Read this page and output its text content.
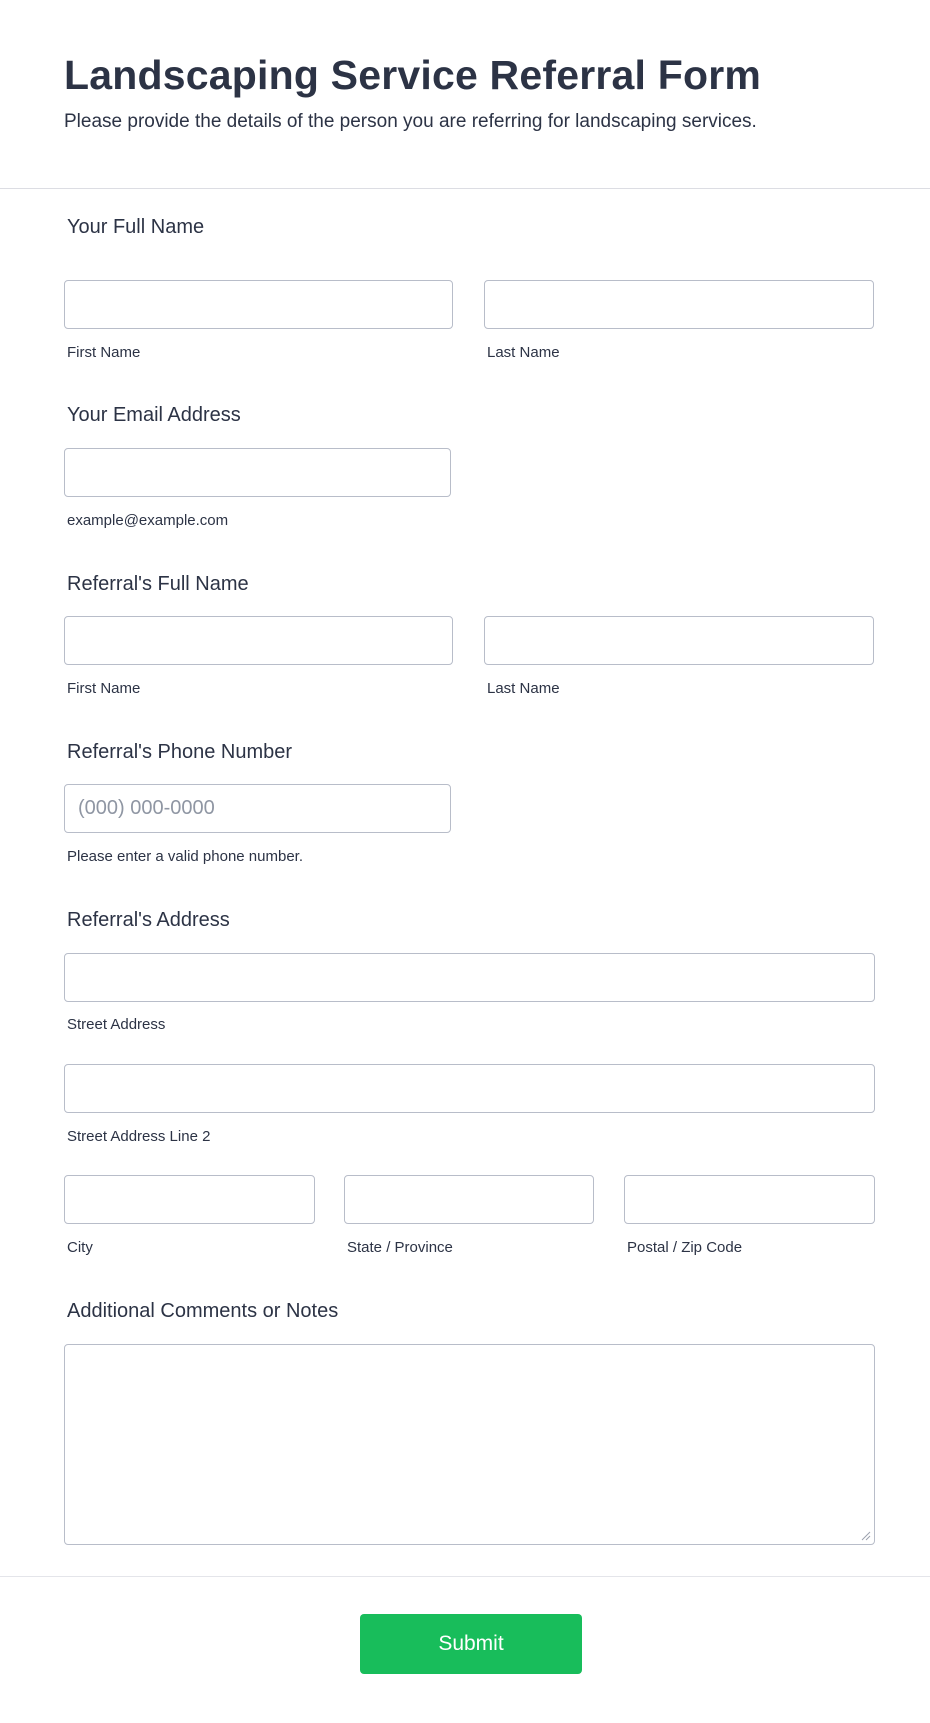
Landscaping Service Referral Form

Please provide the details of the person you are referring for landscaping services.

Your Full Name
First Name	Last Name
Your Email Address
example@example.com
Referral's Full Name
First Name	Last Name
Referral's Phone Number
(000) 000-0000
Please enter a valid phone number.
Referral's Address
Street Address
Street Address Line 2
City	State / Province	Postal / Zip Code
Additional Comments or Notes
Submit
